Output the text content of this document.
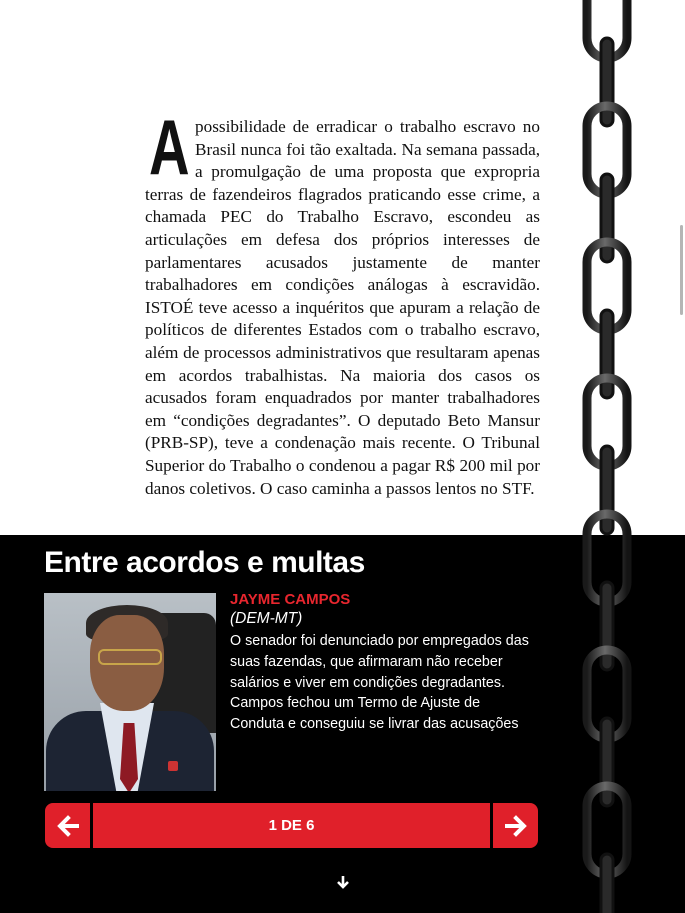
A possibilidade de erradicar o trabalho escravo no Brasil nunca foi tão exaltada. Na semana passada, a promulgação de uma proposta que expropria terras de fazendeiros flagrados praticando esse crime, a chamada PEC do Trabalho Escravo, escondeu as articulações em defesa dos próprios interesses de parlamentares acusados justamente de manter trabalhadores em condições análogas à escravidão. ISTOÉ teve acesso a inquéritos que apuram a relação de políticos de diferentes Estados com o trabalho escravo, além de processos administrativos que resultaram apenas em acordos trabalhistas. Na maioria dos casos os acusados foram enquadrados por manter trabalhadores em “condições degradantes”. O deputado Beto Mansur (PRB-SP), teve a condenação mais recente. O Tribunal Superior do Trabalho o condenou a pagar R$ 200 mil por danos coletivos. O caso caminha a passos lentos no STF.

Entre acordos e multas
JAYME CAMPOS
(DEM-MT)
O senador foi denunciado por empregados das suas fazendas, que afirmaram não receber salários e viver em condições degradantes. Campos fechou um Termo de Ajuste de Conduta e conseguiu se livrar das acusações
1 DE 6
